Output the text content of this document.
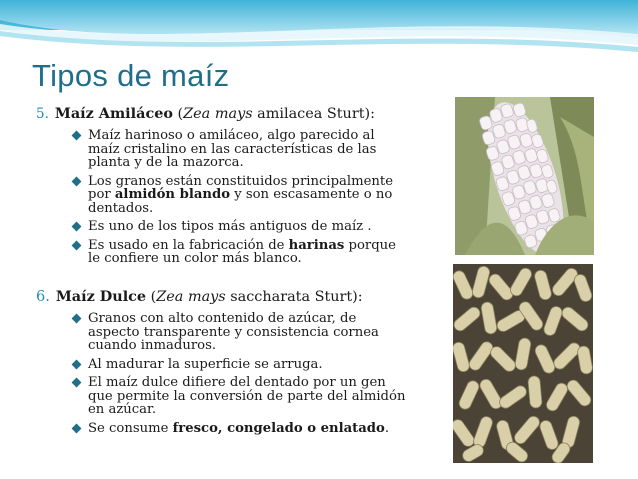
Tipos de maíz
5. Maíz Amiláceo (Zea mays amilacea Sturt):
Maíz harinoso o amiláceo, algo parecido al maíz cristalino en las características de las planta y de la mazorca.
Los granos están constituidos principalmente por almidón blando y son escasamente o no dentados.
Es uno de los tipos más antiguos de maíz .
Es usado en la fabricación de harinas porque le confiere un color más blanco.
6. Maíz Dulce (Zea mays saccharata Sturt):
Granos con alto contenido de azúcar, de aspecto transparente y consistencia cornea cuando inmaduros.
Al madurar la superficie se arruga.
El maíz dulce difiere del dentado por un gen que permite la conversión de parte del almidón en azúcar.
Se consume fresco, congelado o enlatado.
